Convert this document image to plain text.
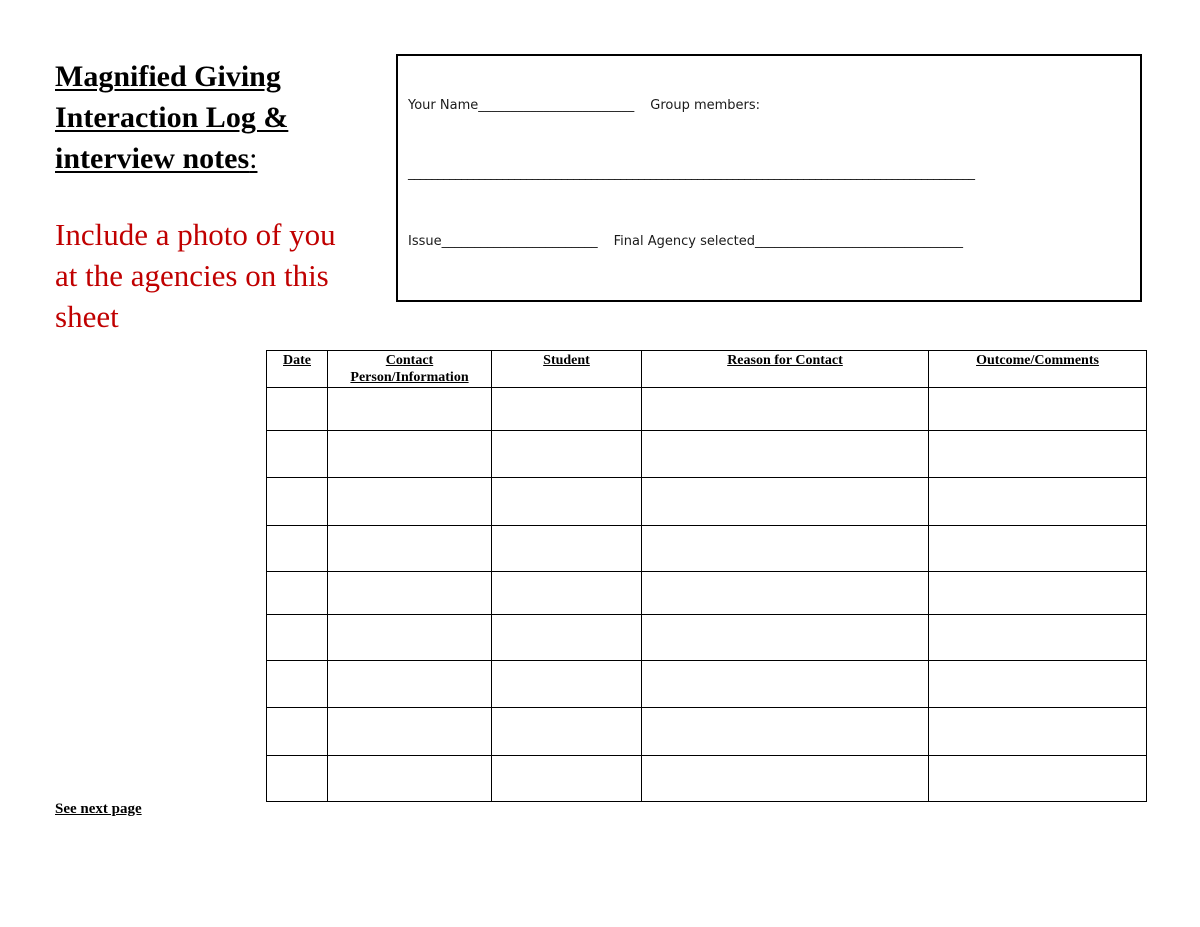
Magnified Giving
Interaction Log &
interview notes:

Include a photo of you
at the agencies on this
sheet

Your Name________________________ Group members:
________________________________________________________________________________________________
Issue________________________ Final Agency selected________________________________
Date	Contact Person/Information	Student	Reason for Contact	Outcome/Comments

See next page
